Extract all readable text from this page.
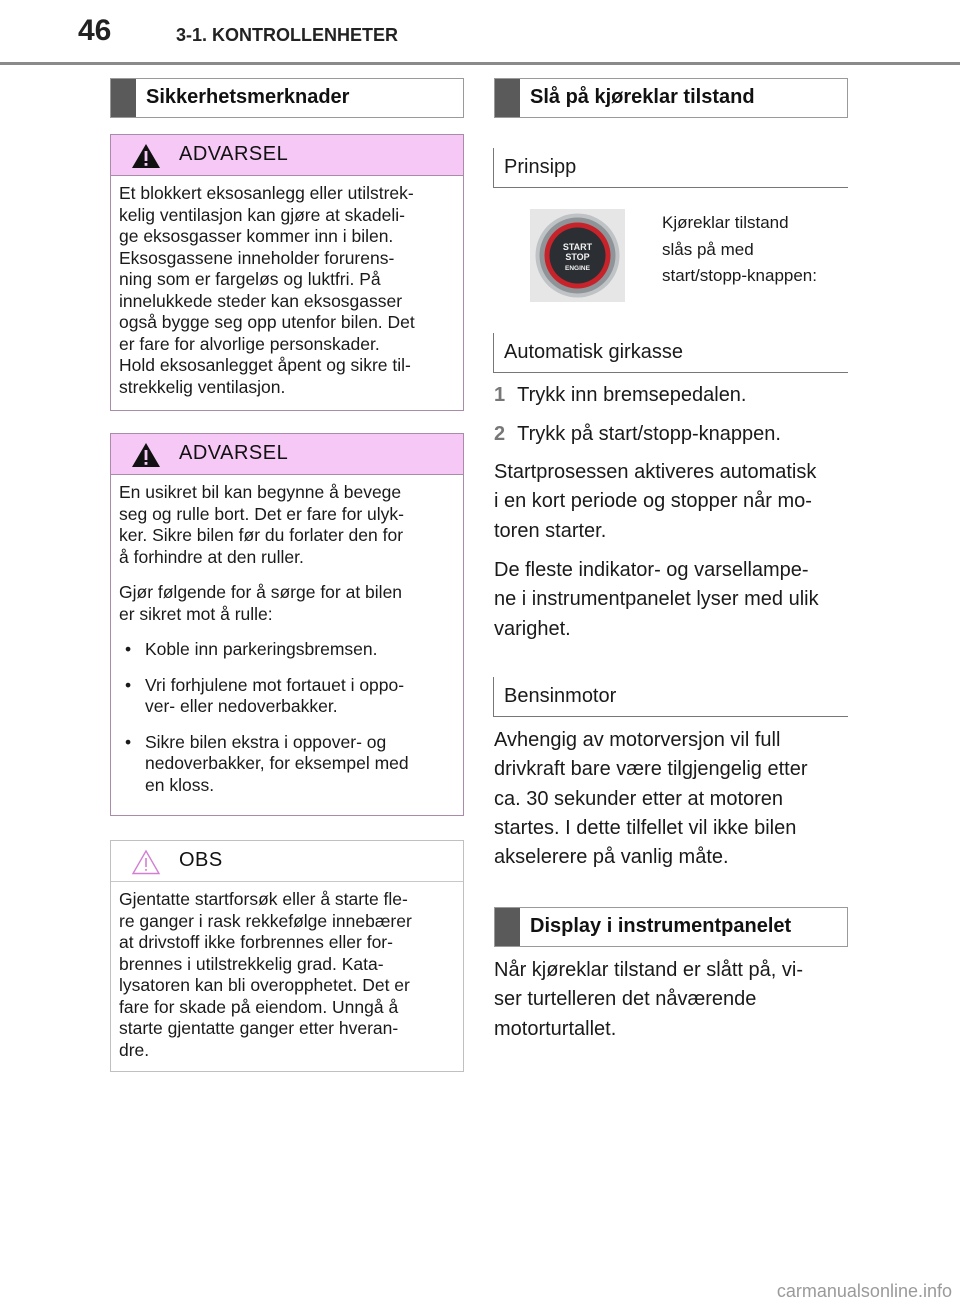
46	3-1. KONTROLLENHETER
Sikkerhetsmerknader
ADVARSEL

Et blokkert eksosanlegg eller utilstrek-
kelig ventilasjon kan gjøre at skadeli-
ge eksosgasser kommer inn i bilen.
Eksosgassene inneholder forurens-
ning som er fargeløs og luktfri. På
innelukkede steder kan eksosgasser
også bygge seg opp utenfor bilen. Det
er fare for alvorlige personskader.
Hold eksosanlegget åpent og sikre til-
strekkelig ventilasjon.

ADVARSEL

En usikret bil kan begynne å bevege
seg og rulle bort. Det er fare for ulyk-
ker. Sikre bilen før du forlater den for
å forhindre at den ruller.

Gjør følgende for å sørge for at bilen
er sikret mot å rulle:

• Koble inn parkeringsbremsen.
• Vri forhjulene mot fortauet i oppo-
ver- eller nedoverbakker.
• Sikre bilen ekstra i oppover- og
nedoverbakker, for eksempel med
en kloss.
OBS

Gjentatte startforsøk eller å starte fle-
re ganger i rask rekkefølge innebærer
at drivstoff ikke forbrennes eller for-
brennes i utilstrekkelig grad. Kata-
lysatoren kan bli overopphetet. Det er
fare for skade på eiendom. Unngå å
starte gjentatte ganger etter hveran-
dre.

Slå på kjøreklar tilstand
Prinsipp
START
STOP
ENGINE
Kjøreklar tilstand
slås på med
start/stopp-knappen:
Automatisk girkasse
1 Trykk inn bremsepedalen.
2 Trykk på start/stopp-knappen.
Startprosessen aktiveres automatisk
i en kort periode og stopper når mo-
toren starter.
De fleste indikator- og varsellampe-
ne i instrumentpanelet lyser med ulik
varighet.
Bensinmotor
Avhengig av motorversjon vil full
drivkraft bare være tilgjengelig etter
ca. 30 sekunder etter at motoren
startes. I dette tilfellet vil ikke bilen
akselerere på vanlig måte.
Display i instrumentpanelet
Når kjøreklar tilstand er slått på, vi-
ser turtelleren det nåværende
motorturtallet.
carmanualsonline.info
